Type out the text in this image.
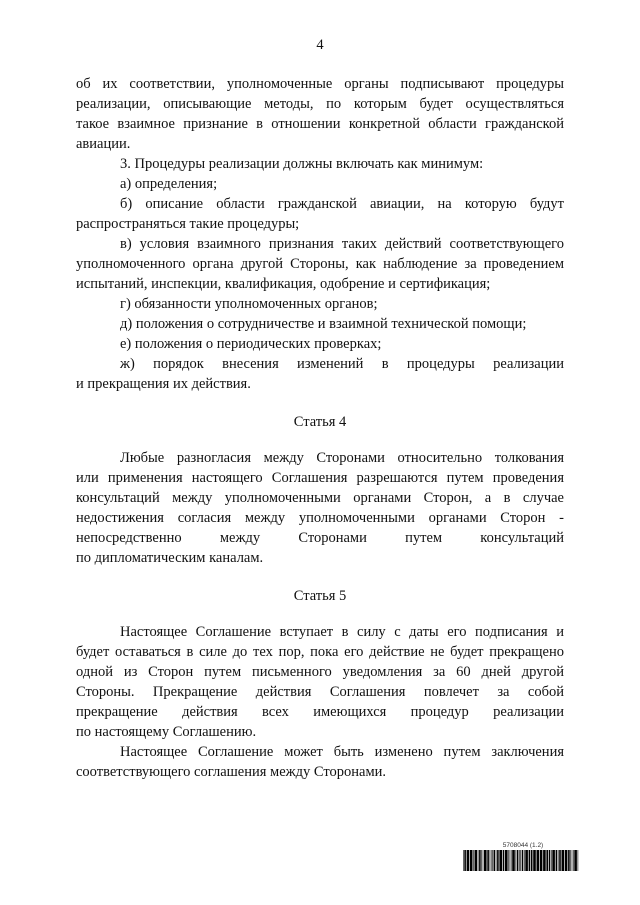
4
об их соответствии, уполномоченные органы подписывают процедуры
реализации, описывающие методы, по которым будет осуществляться
такое взаимное признание в отношении конкретной области гражданской
авиации.
3. Процедуры реализации должны включать как минимум:
а) определения;
б) описание области гражданской авиации, на которую будут
распространяться такие процедуры;
в) условия взаимного признания таких действий соответствующего
уполномоченного органа другой Стороны, как наблюдение за проведением
испытаний, инспекции, квалификация, одобрение и сертификация;
г) обязанности уполномоченных органов;
д) положения о сотрудничестве и взаимной технической помощи;
е) положения о периодических проверках;
ж) порядок внесения изменений в процедуры реализации
и прекращения их действия.
Статья 4
Любые разногласия между Сторонами относительно толкования
или применения настоящего Соглашения разрешаются путем проведения
консультаций между уполномоченными органами Сторон, а в случае
недостижения согласия между уполномоченными органами Сторон -
непосредственно между Сторонами путем консультаций
по дипломатическим каналам.
Статья 5
Настоящее Соглашение вступает в силу с даты его подписания и
будет оставаться в силе до тех пор, пока его действие не будет прекращено
одной из Сторон путем письменного уведомления за 60 дней другой
Стороны. Прекращение действия Соглашения повлечет за собой
прекращение действия всех имеющихся процедур реализации
по настоящему Соглашению.
Настоящее Соглашение может быть изменено путем заключения
соответствующего соглашения между Сторонами.
5708044 (1.2)
